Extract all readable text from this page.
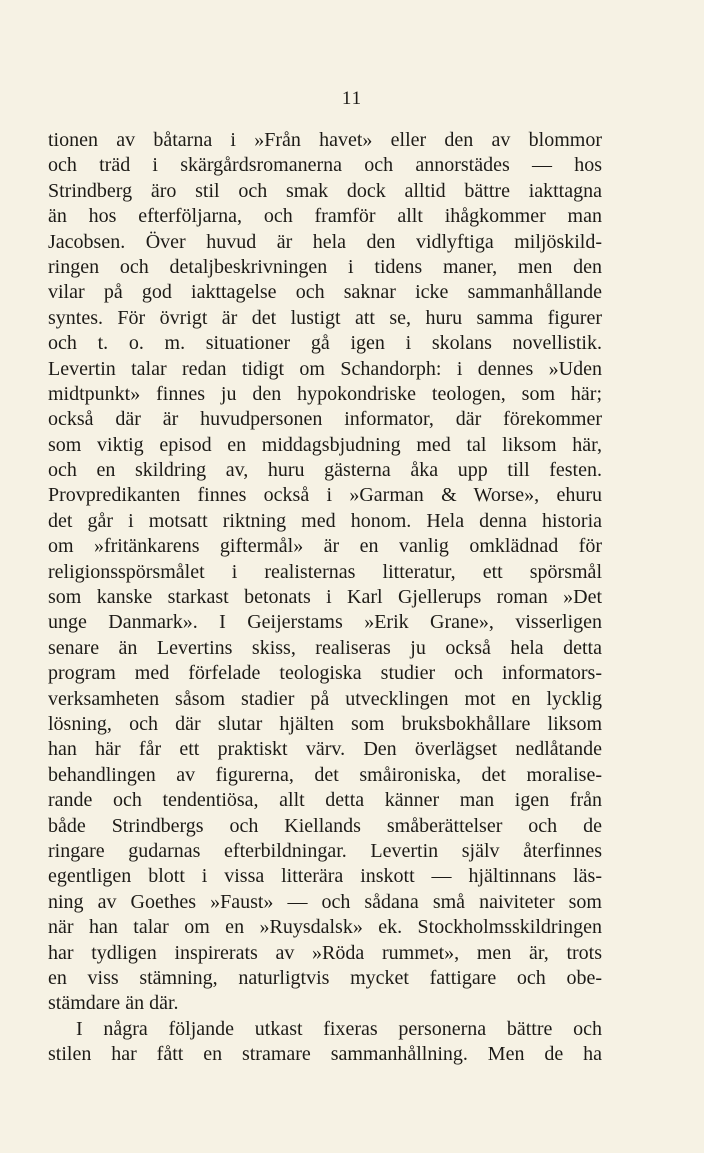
11
tionen av båtarna i »Från havet» eller den av blommor
och träd i skärgårdsromanerna och annorstädes — hos
Strindberg äro stil och smak dock alltid bättre iakttagna
än hos efterföljarna, och framför allt ihågkommer man
Jacobsen. Över huvud är hela den vidlyftiga miljöskild-
ringen och detaljbeskrivningen i tidens maner, men den
vilar på god iakttagelse och saknar icke sammanhållande
syntes. För övrigt är det lustigt att se, huru samma figurer
och t. o. m. situationer gå igen i skolans novellistik.
Levertin talar redan tidigt om Schandorph: i dennes »Uden
midtpunkt» finnes ju den hypokondriske teologen, som här;
också där är huvudpersonen informator, där förekommer
som viktig episod en middagsbjudning med tal liksom här,
och en skildring av, huru gästerna åka upp till festen.
Provpredikanten finnes också i »Garman & Worse», ehuru
det går i motsatt riktning med honom. Hela denna historia
om »fritänkarens giftermål» är en vanlig omklädnad för
religionsspörsmålet i realisternas litteratur, ett spörsmål
som kanske starkast betonats i Karl Gjellerups roman »Det
unge Danmark». I Geijerstams »Erik Grane», visserligen
senare än Levertins skiss, realiseras ju också hela detta
program med förfelade teologiska studier och informators-
verksamheten såsom stadier på utvecklingen mot en lycklig
lösning, och där slutar hjälten som bruksbokhållare liksom
han här får ett praktiskt värv. Den överlägset nedlåtande
behandlingen av figurerna, det småironiska, det moralise-
rande och tendentiösa, allt detta känner man igen från
både Strindbergs och Kiellands småberättelser och de
ringare gudarnas efterbildningar. Levertin själv återfinnes
egentligen blott i vissa litterära inskott — hjältinnans läs-
ning av Goethes »Faust» — och sådana små naiviteter som
när han talar om en »Ruysdalsk» ek. Stockholmsskildringen
har tydligen inspirerats av »Röda rummet», men är, trots
en viss stämning, naturligtvis mycket fattigare och obe-
stämdare än där.
I några följande utkast fixeras personerna bättre och
stilen har fått en stramare sammanhållning. Men de ha
